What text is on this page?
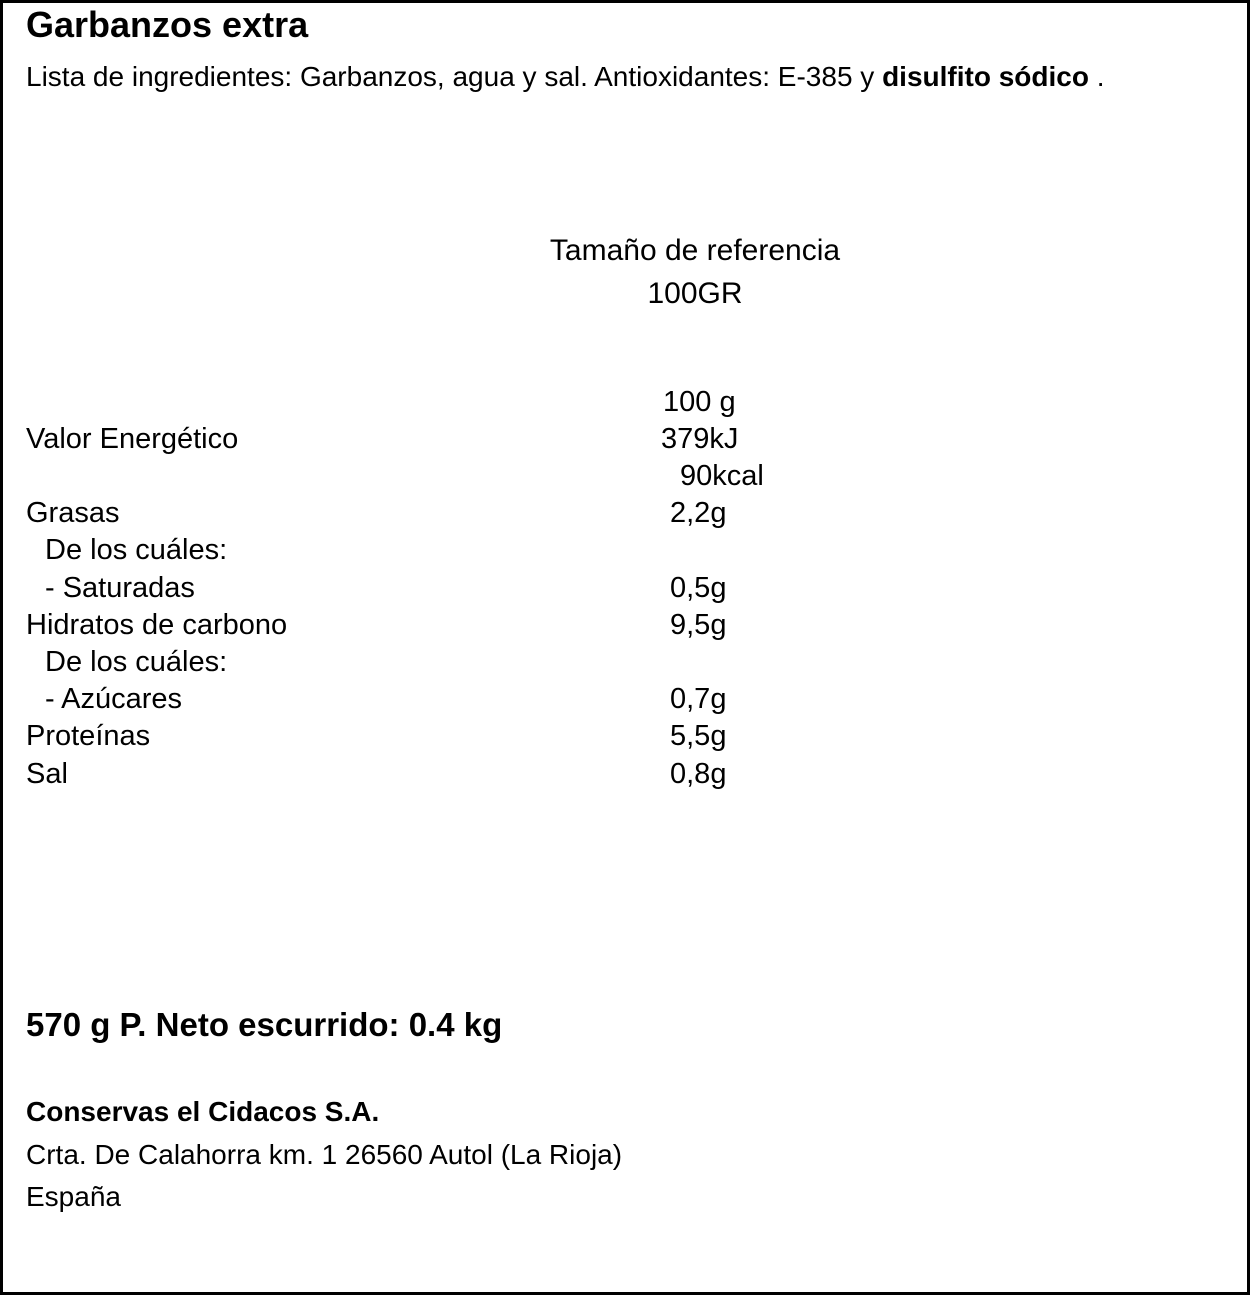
Garbanzos extra
Lista de ingredientes: Garbanzos, agua y sal. Antioxidantes: E-385 y disulfito sódico .
Tamaño de referencia
100GR
100 g
Valor Energético	379kJ
90kcal
Grasas	2,2g
De los cuáles:
- Saturadas	0,5g
Hidratos de carbono	9,5g
De los cuáles:
- Azúcares	0,7g
Proteínas	5,5g
Sal	0,8g
570 g P. Neto escurrido: 0.4 kg
Conservas el Cidacos S.A.
Crta. De Calahorra km. 1 26560 Autol (La Rioja)
España
